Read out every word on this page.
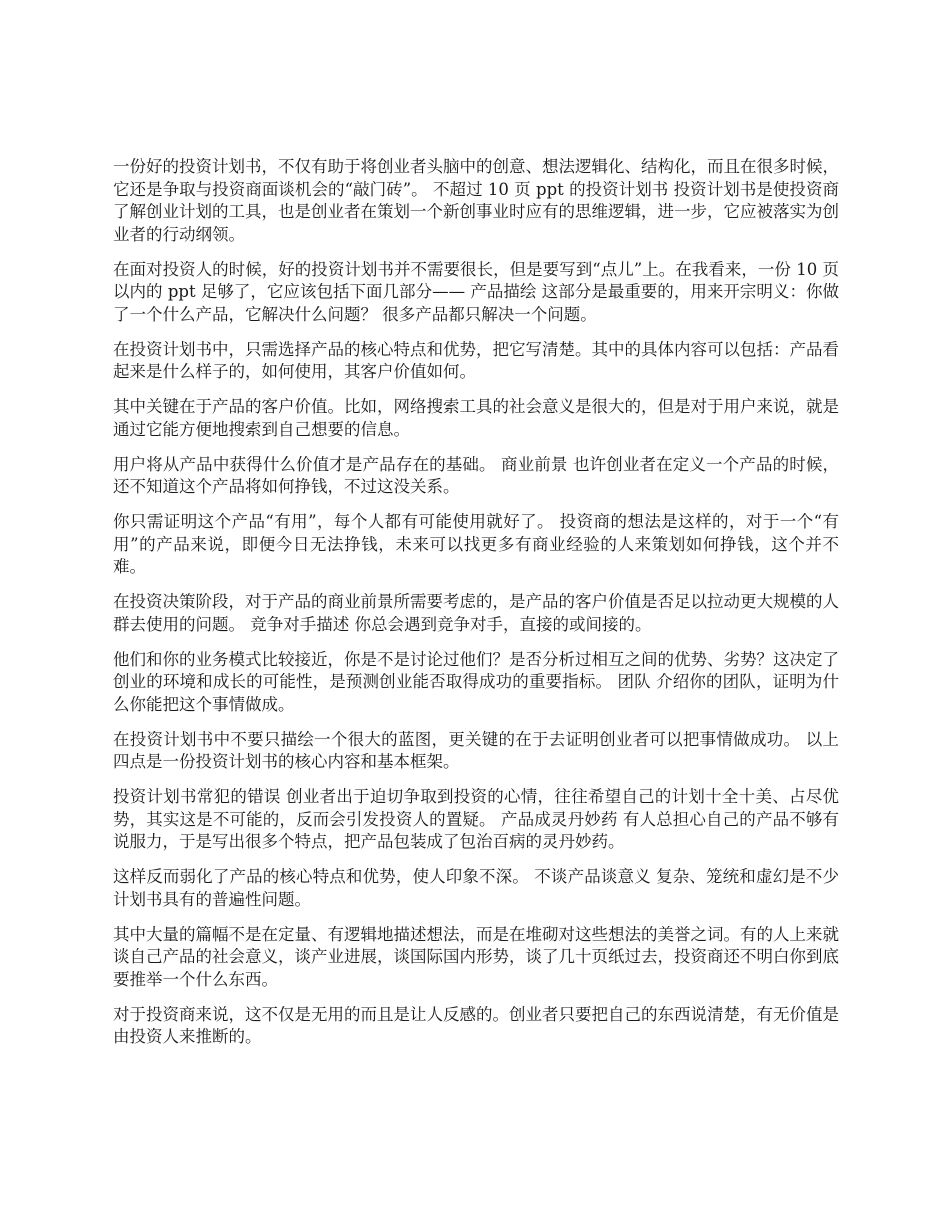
一份好的投资计划书，不仅有助于将创业者头脑中的创意、想法逻辑化、结构化，而且在很多时候，它还是争取与投资商面谈机会的“敲门砖”。 不超过 10 页 ppt 的投资计划书 投资计划书是使投资商了解创业计划的工具，也是创业者在策划一个新创事业时应有的思维逻辑，进一步，它应被落实为创业者的行动纲领。

在面对投资人的时候，好的投资计划书并不需要很长，但是要写到“点儿”上。在我看来，一份 10 页以内的 ppt 足够了，它应该包括下面几部分—— 产品描绘 这部分是最重要的，用来开宗明义：你做了一个什么产品，它解决什么问题？ 很多产品都只解决一个问题。

在投资计划书中，只需选择产品的核心特点和优势，把它写清楚。其中的具体内容可以包括：产品看起来是什么样子的，如何使用，其客户价值如何。

其中关键在于产品的客户价值。比如，网络搜索工具的社会意义是很大的，但是对于用户来说，就是通过它能方便地搜索到自己想要的信息。

用户将从产品中获得什么价值才是产品存在的基础。 商业前景 也许创业者在定义一个产品的时候，还不知道这个产品将如何挣钱，不过这没关系。

你只需证明这个产品“有用”，每个人都有可能使用就好了。 投资商的想法是这样的，对于一个“有用”的产品来说，即便今日无法挣钱，未来可以找更多有商业经验的人来策划如何挣钱，这个并不难。

在投资决策阶段，对于产品的商业前景所需要考虑的，是产品的客户价值是否足以拉动更大规模的人群去使用的问题。 竞争对手描述 你总会遇到竞争对手，直接的或间接的。

他们和你的业务模式比较接近，你是不是讨论过他们？是否分析过相互之间的优势、劣势？这决定了创业的环境和成长的可能性，是预测创业能否取得成功的重要指标。 团队 介绍你的团队，证明为什么你能把这个事情做成。

在投资计划书中不要只描绘一个很大的蓝图，更关键的在于去证明创业者可以把事情做成功。 以上四点是一份投资计划书的核心内容和基本框架。

投资计划书常犯的错误 创业者出于迫切争取到投资的心情，往往希望自己的计划十全十美、占尽优势，其实这是不可能的，反而会引发投资人的置疑。 产品成灵丹妙药 有人总担心自己的产品不够有说服力，于是写出很多个特点，把产品包装成了包治百病的灵丹妙药。

这样反而弱化了产品的核心特点和优势，使人印象不深。 不谈产品谈意义 复杂、笼统和虚幻是不少计划书具有的普遍性问题。

其中大量的篇幅不是在定量、有逻辑地描述想法，而是在堆砌对这些想法的美誉之词。有的人上来就谈自己产品的社会意义，谈产业进展，谈国际国内形势，谈了几十页纸过去，投资商还不明白你到底要推举一个什么东西。

对于投资商来说，这不仅是无用的而且是让人反感的。创业者只要把自己的东西说清楚，有无价值是由投资人来推断的。
